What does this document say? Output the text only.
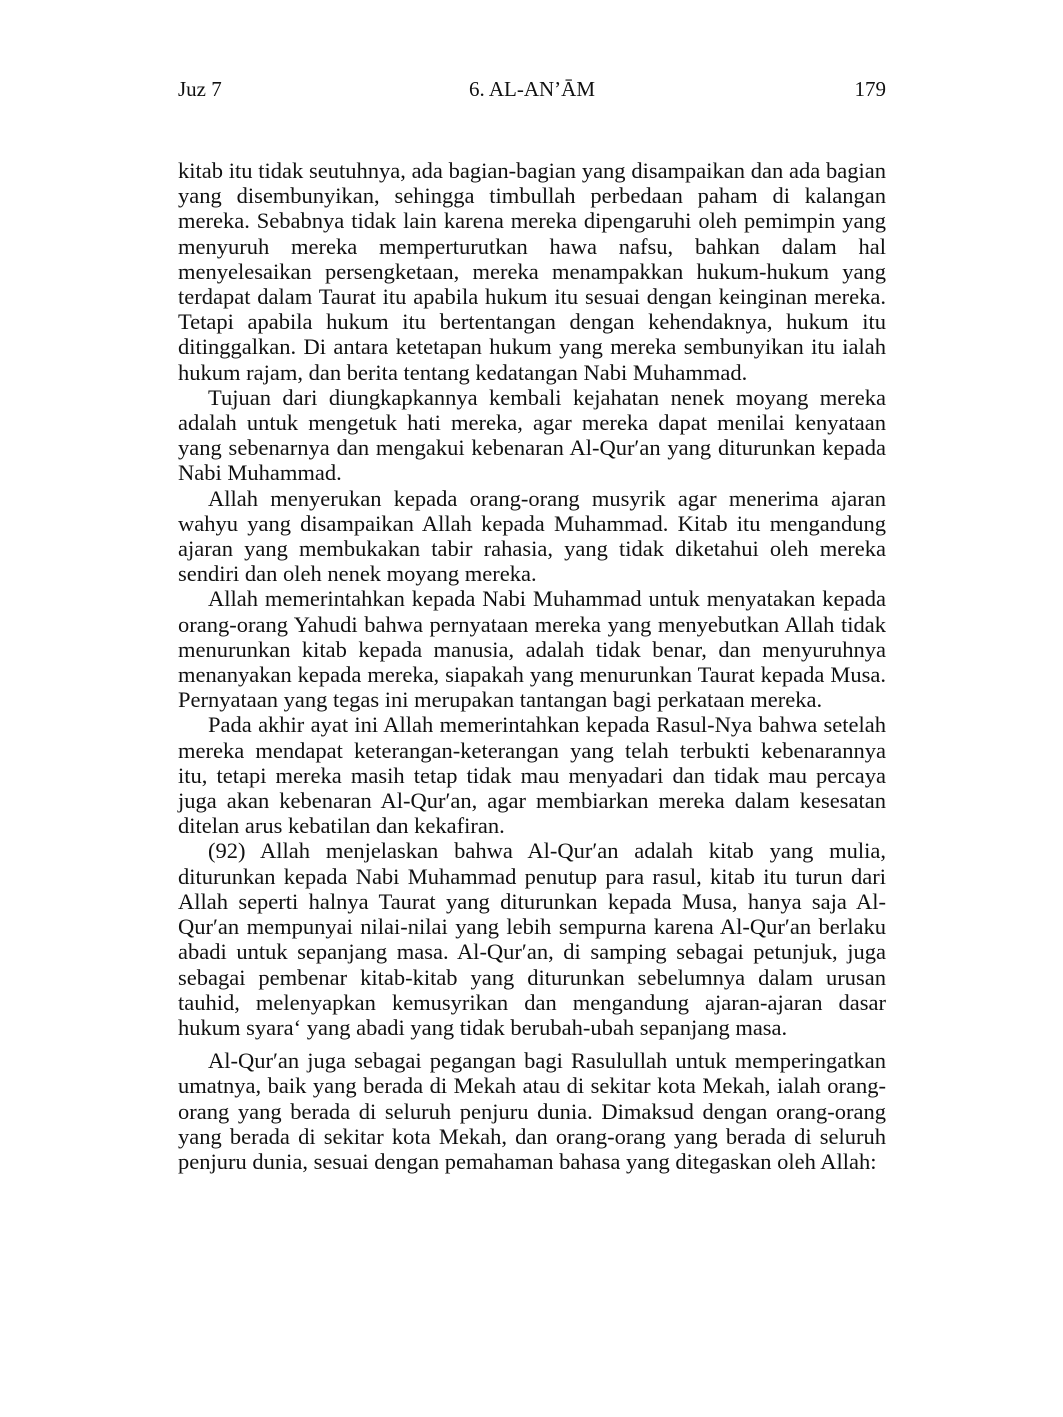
Juz 7	6. AL-AN’ĀM	179

kitab itu tidak seutuhnya, ada bagian-bagian yang disampaikan dan ada bagian yang disembunyikan, sehingga timbullah perbedaan paham di kalangan mereka. Sebabnya tidak lain karena mereka dipengaruhi oleh pemimpin yang menyuruh mereka memperturutkan hawa nafsu, bahkan dalam hal menyelesaikan persengketaan, mereka menampakkan hukum-hukum yang terdapat dalam Taurat itu apabila hukum itu sesuai dengan keinginan mereka. Tetapi apabila hukum itu bertentangan dengan kehendaknya, hukum itu ditinggalkan. Di antara ketetapan hukum yang mereka sembunyikan itu ialah hukum rajam, dan berita tentang kedatangan Nabi Muhammad.

Tujuan dari diungkapkannya kembali kejahatan nenek moyang mereka adalah untuk mengetuk hati mereka, agar mereka dapat menilai kenyataan yang sebenarnya dan mengakui kebenaran Al-Qur′an yang diturunkan kepada Nabi Muhammad.

Allah menyerukan kepada orang-orang musyrik agar menerima ajaran wahyu yang disampaikan Allah kepada Muhammad. Kitab itu mengandung ajaran yang membukakan tabir rahasia, yang tidak diketahui oleh mereka sendiri dan oleh nenek moyang mereka.

Allah memerintahkan kepada Nabi Muhammad untuk menyatakan kepada orang-orang Yahudi bahwa pernyataan mereka yang menyebutkan Allah tidak menurunkan kitab kepada manusia, adalah tidak benar, dan menyuruhnya menanyakan kepada mereka, siapakah yang menurunkan Taurat kepada Musa. Pernyataan yang tegas ini merupakan tantangan bagi perkataan mereka.

Pada akhir ayat ini Allah memerintahkan kepada Rasul-Nya bahwa setelah mereka mendapat keterangan-keterangan yang telah terbukti kebenarannya itu, tetapi mereka masih tetap tidak mau menyadari dan tidak mau percaya juga akan kebenaran Al-Qur′an, agar membiarkan mereka dalam kesesatan ditelan arus kebatilan dan kekafiran.

(92) Allah menjelaskan bahwa Al-Qur′an adalah kitab yang mulia, diturunkan kepada Nabi Muhammad penutup para rasul, kitab itu turun dari Allah seperti halnya Taurat yang diturunkan kepada Musa, hanya saja Al-Qur′an mempunyai nilai-nilai yang lebih sempurna karena Al-Qur′an berlaku abadi untuk sepanjang masa. Al-Qur′an, di samping sebagai petunjuk, juga sebagai pembenar kitab-kitab yang diturunkan sebelumnya dalam urusan tauhid, melenyapkan kemusyrikan dan mengandung ajaran-ajaran dasar hukum syara‘ yang abadi yang tidak berubah-ubah sepanjang masa.

Al-Qur′an juga sebagai pegangan bagi Rasulullah untuk memperingatkan umatnya, baik yang berada di Mekah atau di sekitar kota Mekah, ialah orang-orang yang berada di seluruh penjuru dunia. Dimaksud dengan orang-orang yang berada di sekitar kota Mekah, dan orang-orang yang berada di seluruh penjuru dunia, sesuai dengan pemahaman bahasa yang ditegaskan oleh Allah:
